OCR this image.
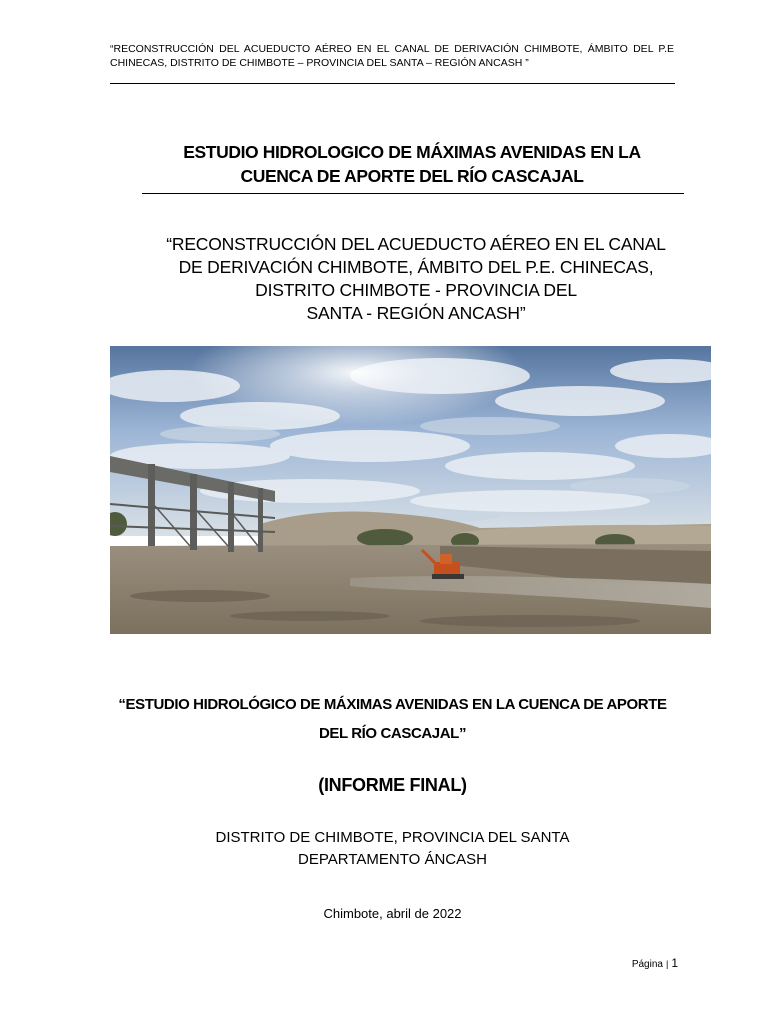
“RECONSTRUCCIÓN DEL ACUEDUCTO AÉREO EN EL CANAL DE DERIVACIÓN CHIMBOTE, ÁMBITO DEL P.E CHINECAS, DISTRITO DE CHIMBOTE – PROVINCIA DEL SANTA – REGIÓN ANCASH ”
ESTUDIO HIDROLOGICO DE MÁXIMAS AVENIDAS EN LA
CUENCA DE APORTE DEL RÍO CASCAJAL
“RECONSTRUCCIÓN DEL ACUEDUCTO AÉREO EN EL CANAL
DE DERIVACIÓN CHIMBOTE, ÁMBITO DEL P.E. CHINECAS,
DISTRITO CHIMBOTE - PROVINCIA DEL
SANTA - REGIÓN ANCASH”
“ESTUDIO HIDROLÓGICO DE MÁXIMAS AVENIDAS EN LA CUENCA DE APORTE
DEL RÍO CASCAJAL”
(INFORME FINAL)
DISTRITO DE CHIMBOTE, PROVINCIA DEL SANTA
DEPARTAMENTO ÁNCASH
Chimbote, abril de 2022
Página | 1
